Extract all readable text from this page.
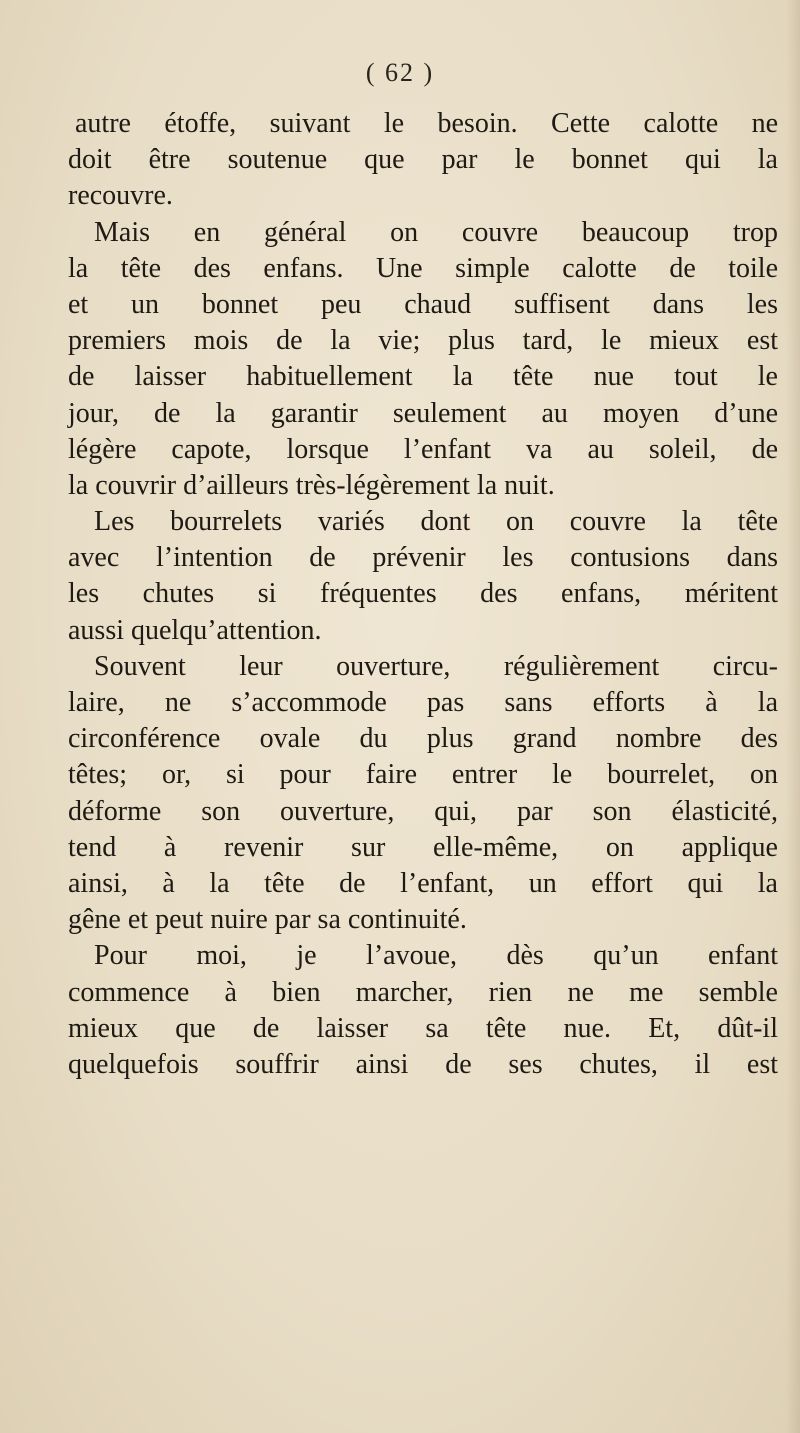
( 62 )
autre étoffe, suivant le besoin. Cette calotte ne
doit être soutenue que par le bonnet qui la
recouvre.
Mais en général on couvre beaucoup trop
la tête des enfans. Une simple calotte de toile
et un bonnet peu chaud suffisent dans les
premiers mois de la vie; plus tard, le mieux est
de laisser habituellement la tête nue tout le
jour, de la garantir seulement au moyen d’une
légère capote, lorsque l’enfant va au soleil, de
la couvrir d’ailleurs très-légèrement la nuit.
Les bourrelets variés dont on couvre la tête
avec l’intention de prévenir les contusions dans
les chutes si fréquentes des enfans, méritent
aussi quelqu’attention.
Souvent leur ouverture, régulièrement circu-
laire, ne s’accommode pas sans efforts à la
circonférence ovale du plus grand nombre des
têtes; or, si pour faire entrer le bourrelet, on
déforme son ouverture, qui, par son élasticité,
tend à revenir sur elle-même, on applique
ainsi, à la tête de l’enfant, un effort qui la
gêne et peut nuire par sa continuité.
Pour moi, je l’avoue, dès qu’un enfant
commence à bien marcher, rien ne me semble
mieux que de laisser sa tête nue. Et, dût-il
quelquefois souffrir ainsi de ses chutes, il est
